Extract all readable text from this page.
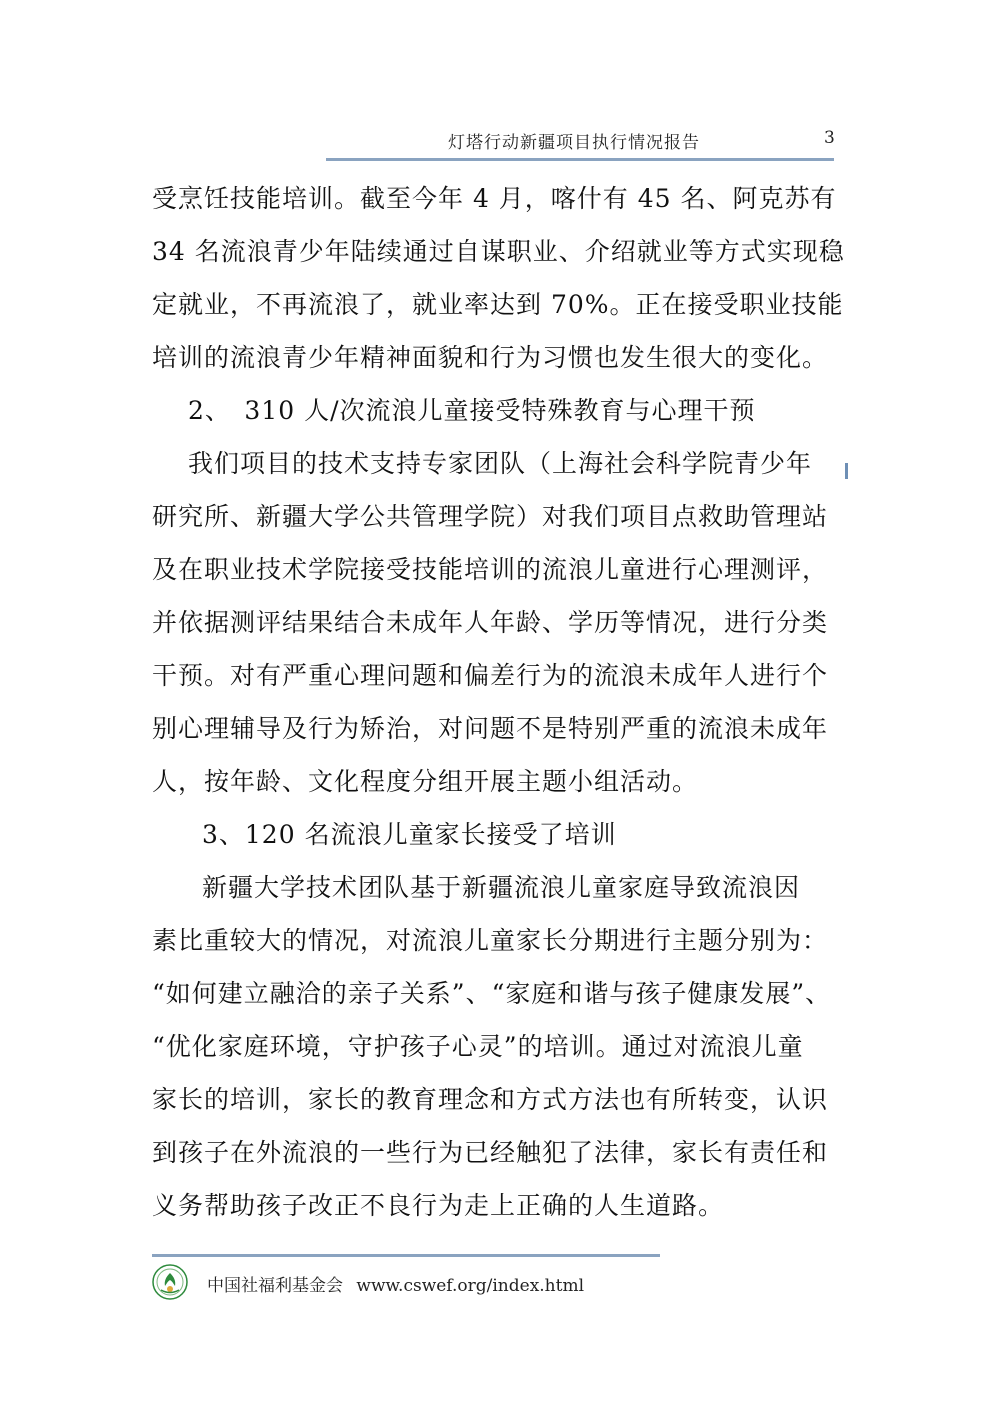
灯塔行动新疆项目执行情况报告	3
受烹饪技能培训。截至今年 4 月，喀什有 45 名、阿克苏有
34 名流浪青少年陆续通过自谋职业、介绍就业等方式实现稳
定就业，不再流浪了，就业率达到 70%。正在接受职业技能
培训的流浪青少年精神面貌和行为习惯也发生很大的变化。
2、　310 人/次流浪儿童接受特殊教育与心理干预
我们项目的技术支持专家团队（上海社会科学院青少年
研究所、新疆大学公共管理学院）对我们项目点救助管理站
及在职业技术学院接受技能培训的流浪儿童进行心理测评，
并依据测评结果结合未成年人年龄、学历等情况，进行分类
干预。对有严重心理问题和偏差行为的流浪未成年人进行个
别心理辅导及行为矫治，对问题不是特别严重的流浪未成年
人，按年龄、文化程度分组开展主题小组活动。
3、120 名流浪儿童家长接受了培训
新疆大学技术团队基于新疆流浪儿童家庭导致流浪因
素比重较大的情况，对流浪儿童家长分期进行主题分别为：
“如何建立融洽的亲子关系”、“家庭和谐与孩子健康发展”、
“优化家庭环境，守护孩子心灵”的培训。通过对流浪儿童
家长的培训，家长的教育理念和方式方法也有所转变，认识
到孩子在外流浪的一些行为已经触犯了法律，家长有责任和
义务帮助孩子改正不良行为走上正确的人生道路。
中国社福利基金会 www.cswef.org/index.html
